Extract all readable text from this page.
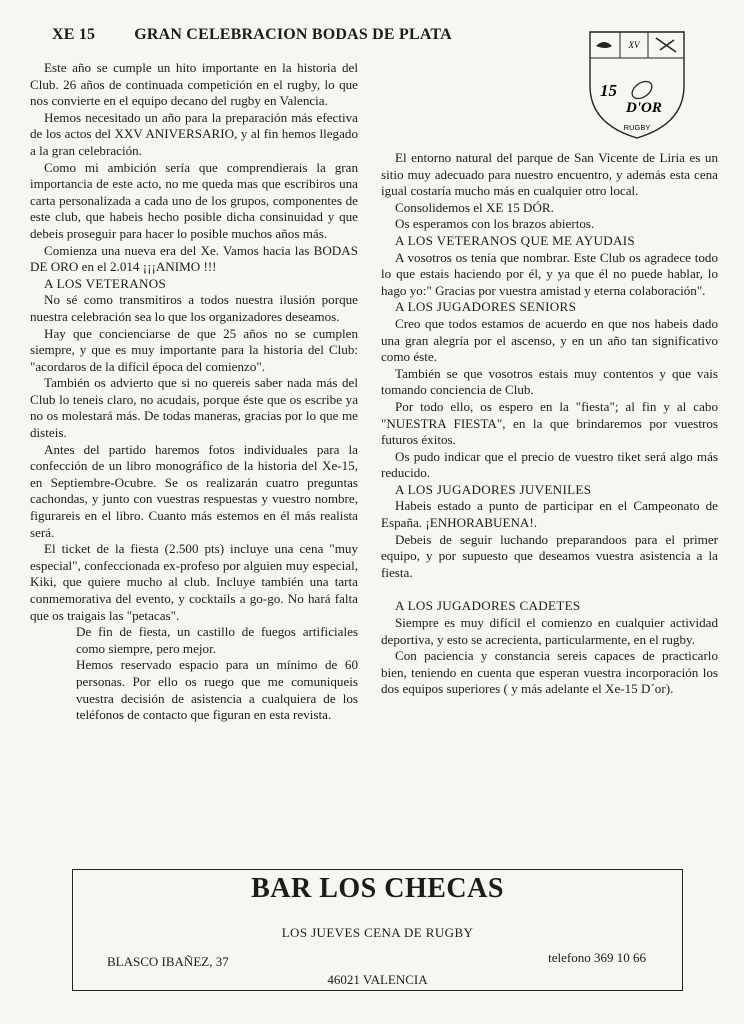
XE 15 GRAN CELEBRACION BODAS DE PLATA
XV
15
D'OR
RUGBY

Este año se cumple un hito importante en la historia del Club. 26 años de continuada competición en el rugby, lo que nos convierte en el equipo decano del rugby en Valencia.

Hemos necesitado un año para la preparación más efectiva de los actos del XXV ANIVERSARIO, y al fin hemos llegado a la gran celebración.

Como mi ambición sería que comprendierais la gran importancia de este acto, no me queda mas que escribiros una carta personalizada a cada uno de los grupos, componentes de este club, que habeis hecho posible dicha consinuidad y que debeis proseguir para hacer lo posible muchos años más.

Comienza una nueva era del Xe. Vamos hacia las BODAS DE ORO en el 2.014 ¡¡¡ANIMO !!!

A LOS VETERANOS

No sé como transmitiros a todos nuestra ilusión porque nuestra celebración sea lo que los organizadores deseamos.

Hay que concienciarse de que 25 años no se cumplen siempre, y que es muy importante para la historia del Club: "acordaros de la difícil época del comienzo".

También os advierto que si no quereis saber nada más del Club lo teneis claro, no acudais, porque éste que os escribe ya no os molestará más. De todas maneras, gracias por lo que me disteis.

Antes del partido haremos fotos individuales para la confección de un libro monográfico de la historia del Xe-15, en Septiembre-Ocubre. Se os realizarán cuatro preguntas cachondas, y junto con vuestras respuestas y vuestro nombre, figurareis en el libro. Cuanto más estemos en él más realista será.

El ticket de la fiesta (2.500 pts) incluye una cena "muy especial", confeccionada ex-profeso por alguien muy especial, Kiki, que quiere mucho al club. Incluye también una tarta conmemorativa del evento, y cocktails a go-go. No hará falta que os traigais las "petacas".

De fin de fiesta, un castillo de fuegos artificiales como siempre, pero mejor.

Hemos reservado espacio para un mínimo de 60 personas. Por ello os ruego que me comuniqueis vuestra decisión de asistencia a cualquiera de los teléfonos de contacto que figuran en esta revista.

El entorno natural del parque de San Vicente de Liria es un sitio muy adecuado para nuestro encuentro, y además esta cena igual costaría mucho más en cualquier otro local.

Consolidemos el XE 15 DÓR.

Os esperamos con los brazos abiertos.

A LOS VETERANOS QUE ME AYUDAIS

A vosotros os tenía que nombrar. Este Club os agradece todo lo que estais haciendo por él, y ya que él no puede hablar, lo hago yo:" Gracias por vuestra amistad y eterna colaboración".

A LOS JUGADORES SENIORS

Creo que todos estamos de acuerdo en que nos habeis dado una gran alegría por el ascenso, y en un año tan significativo como éste.

También se que vosotros estais muy contentos y que vais tomando conciencia de Club.

Por todo ello, os espero en la "fiesta"; al fin y al cabo "NUESTRA FIESTA", en la que brindaremos por vuestros futuros éxitos.

Os pudo indicar que el precio de vuestro tiket será algo más reducido.

A LOS JUGADORES JUVENILES

Habeis estado a punto de participar en el Campeonato de España. ¡ENHORABUENA!.

Debeis de seguir luchando preparandoos para el primer equipo, y por supuesto que deseamos vuestra asistencia a la fiesta.

A LOS JUGADORES CADETES

Siempre es muy difícil el comienzo en cualquier actividad deportiva, y esto se acrecienta, particularmente, en el rugby.

Con paciencia y constancia sereis capaces de practicarlo bien, teniendo en cuenta que esperan vuestra incorporación los dos equipos superiores ( y más adelante el Xe-15 D´or).

BAR LOS CHECAS
LOS JUEVES CENA DE RUGBY
BLASCO IBAÑEZ, 37	telefono 369 10 66
46021 VALENCIA
